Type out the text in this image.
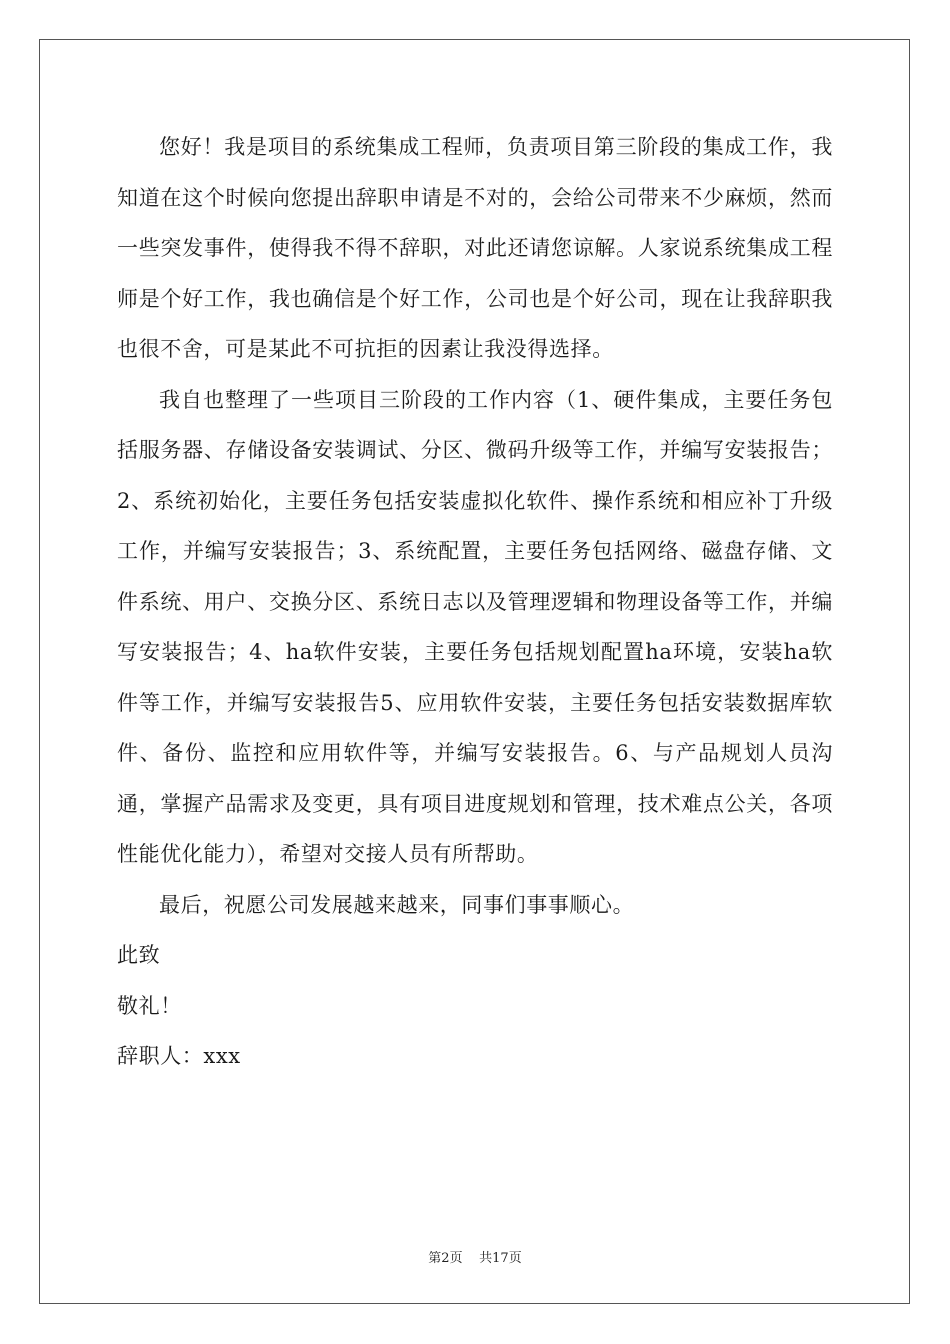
您好！我是项目的系统集成工程师，负责项目第三阶段的集成工作，我知道在这个时候向您提出辞职申请是不对的，会给公司带来不少麻烦，然而一些突发事件，使得我不得不辞职，对此还请您谅解。人家说系统集成工程师是个好工作，我也确信是个好工作，公司也是个好公司，现在让我辞职我也很不舍，可是某此不可抗拒的因素让我没得选择。

我自也整理了一些项目三阶段的工作内容（1、硬件集成，主要任务包括服务器、存储设备安装调试、分区、微码升级等工作，并编写安装报告；2、系统初始化，主要任务包括安装虚拟化软件、操作系统和相应补丁升级工作，并编写安装报告；3、系统配置，主要任务包括网络、磁盘存储、文件系统、用户、交换分区、系统日志以及管理逻辑和物理设备等工作，并编写安装报告；4、ha软件安装，主要任务包括规划配置ha环境，安装ha软件等工作，并编写安装报告5、应用软件安装，主要任务包括安装数据库软件、备份、监控和应用软件等，并编写安装报告。6、与产品规划人员沟通，掌握产品需求及变更，具有项目进度规划和管理，技术难点公关，各项性能优化能力），希望对交接人员有所帮助。

最后，祝愿公司发展越来越来，同事们事事顺心。

此致

敬礼！

辞职人：xxx

第2页 共17页
